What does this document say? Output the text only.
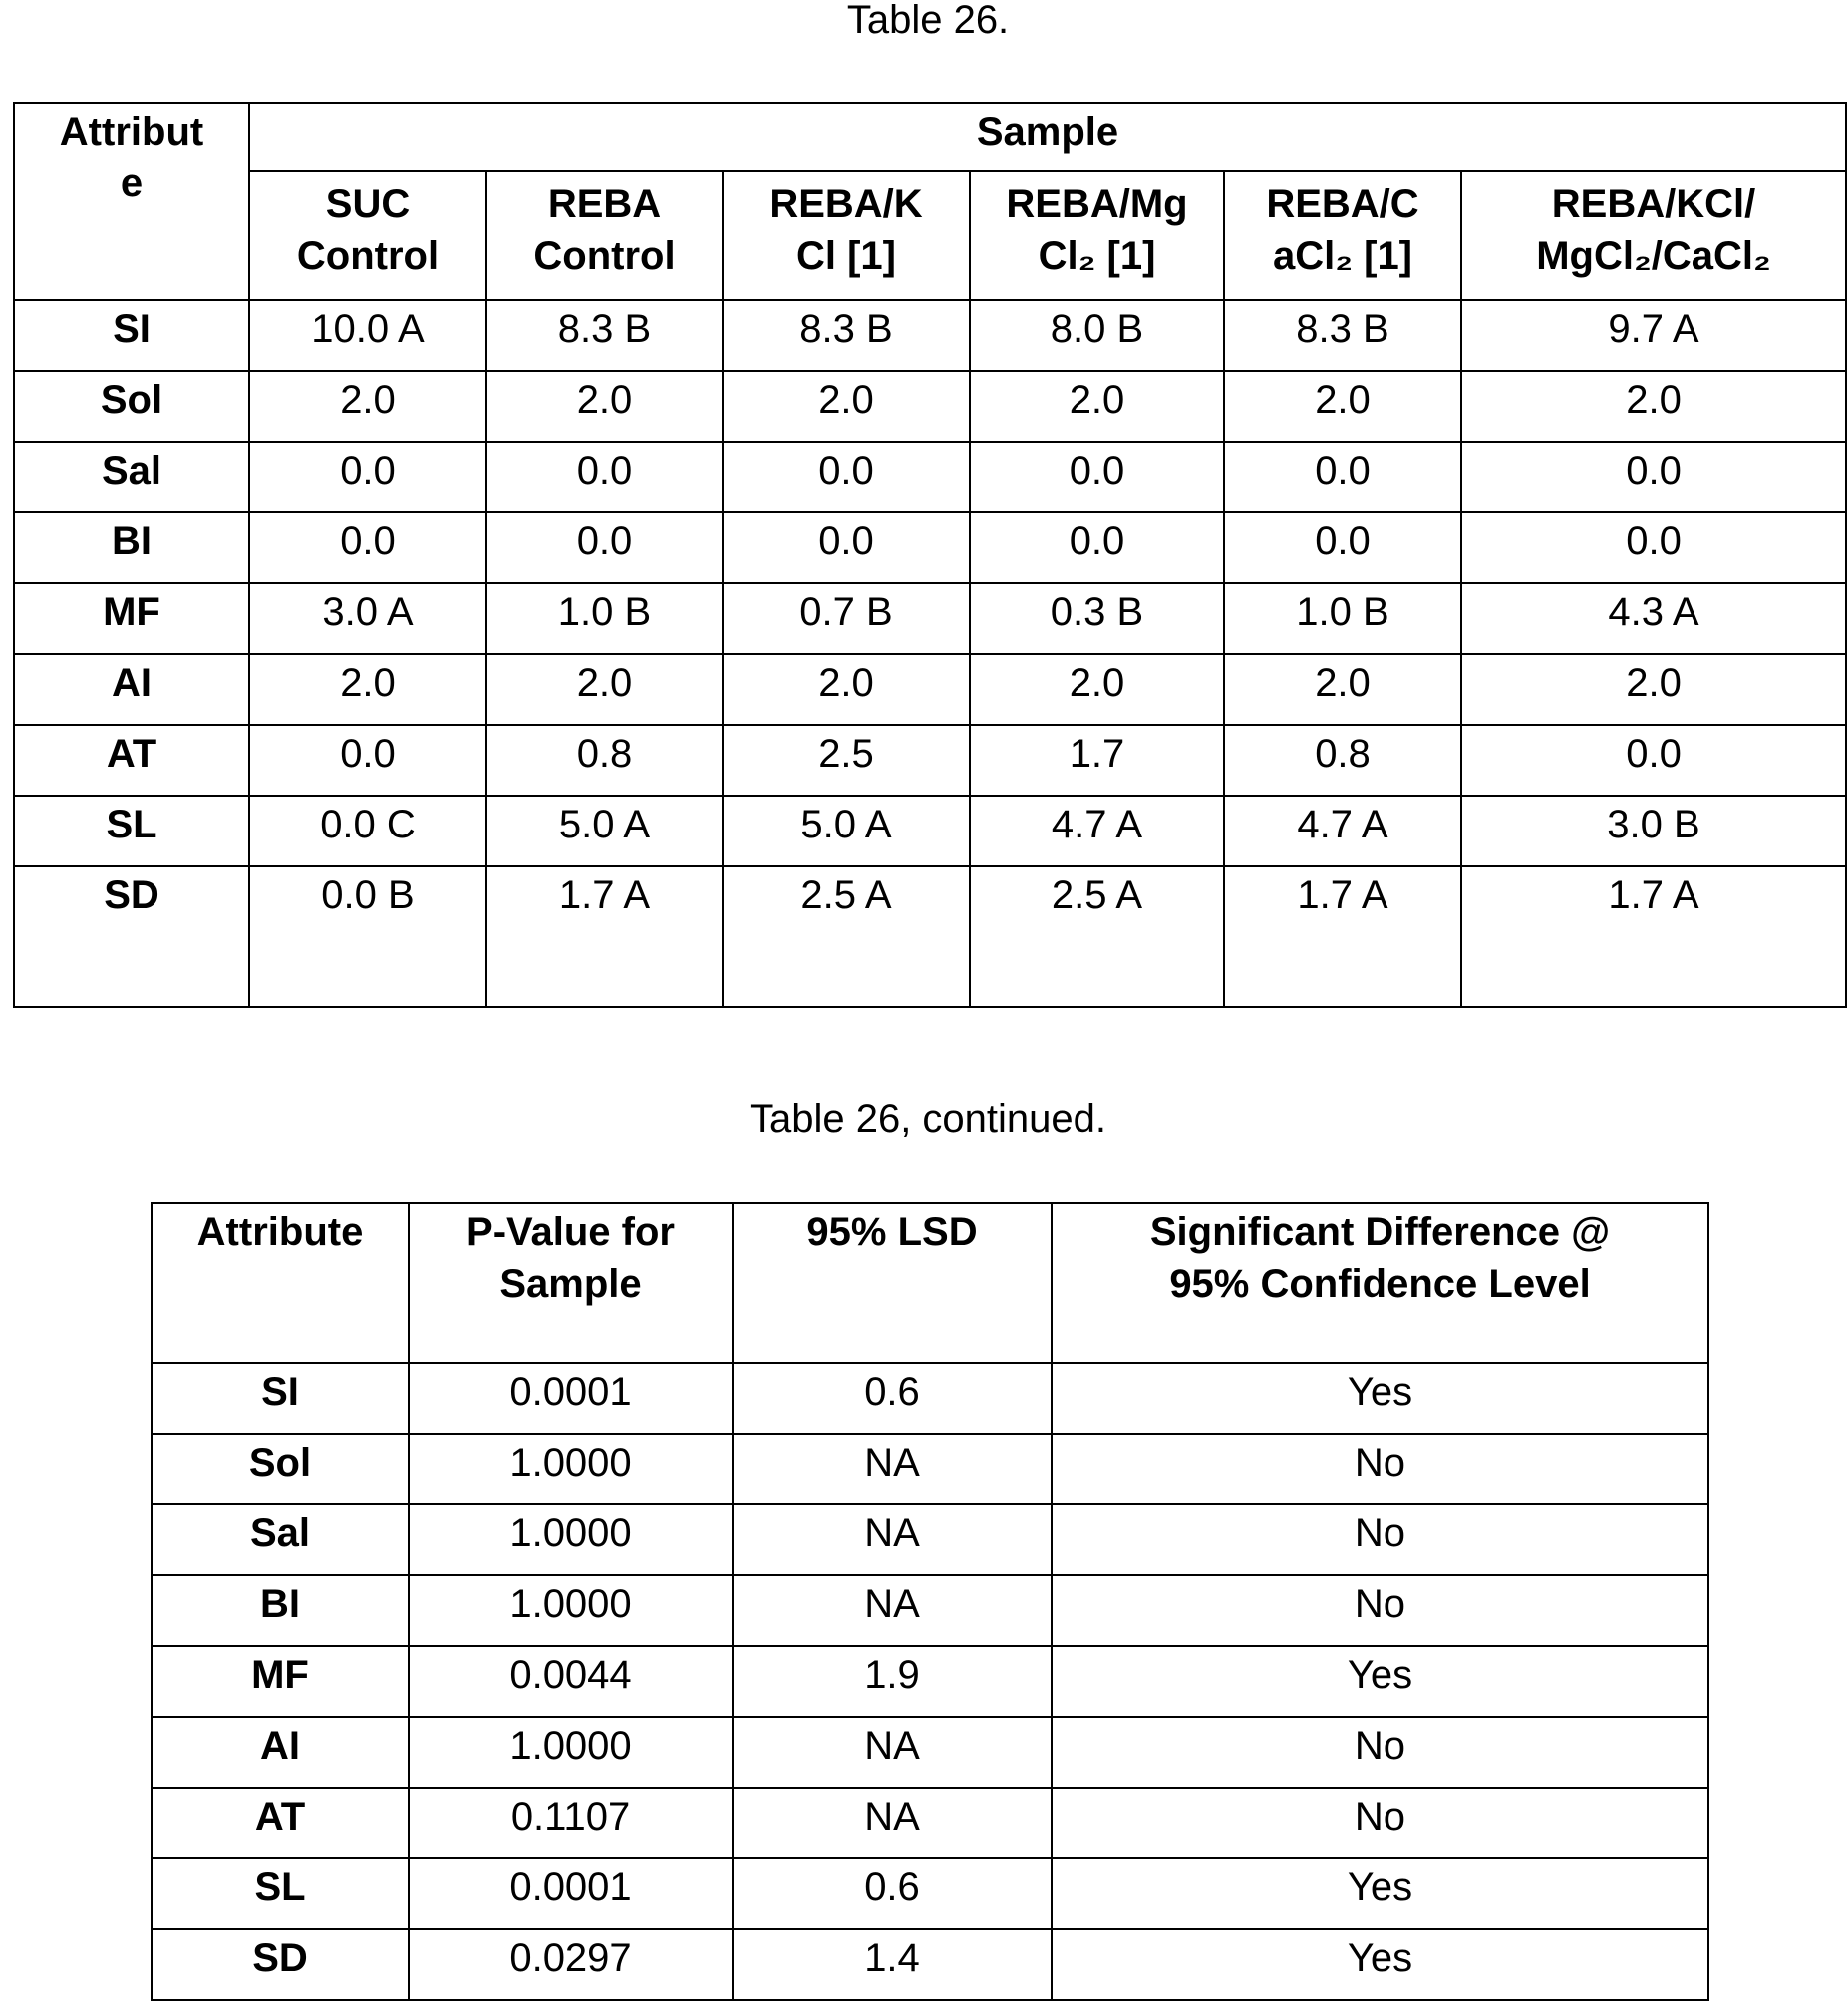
Table 26.
Attribut
e
	Sample

SUC
Control

REBA
Control

REBA/K
Cl [1]

REBA/Mg
Cl₂ [1]

REBA/C
aCl₂ [1]

REBA/KCl/
MgCl₂/CaCl₂

SI	10.0 A	8.3 B	8.3 B	8.0 B	8.3 B	9.7 A
Sol	2.0	2.0	2.0	2.0	2.0	2.0
Sal	0.0	0.0	0.0	0.0	0.0	0.0
BI	0.0	0.0	0.0	0.0	0.0	0.0
MF	3.0 A	1.0 B	0.7 B	0.3 B	1.0 B	4.3 A
AI	2.0	2.0	2.0	2.0	2.0	2.0
AT	0.0	0.8	2.5	1.7	0.8	0.0
SL	0.0 C	5.0 A	5.0 A	4.7 A	4.7 A	3.0 B
SD	0.0 B	1.7 A	2.5 A	2.5 A	1.7 A	1.7 A
Table 26, continued.
Attribute	P-Value for
Sample

95% LSD	Significant Difference @
95% Confidence Level

SI	0.0001	0.6	Yes
Sol	1.0000	NA	No
Sal	1.0000	NA	No
BI	1.0000	NA	No
MF	0.0044	1.9	Yes
AI	1.0000	NA	No
AT	0.1107	NA	No
SL	0.0001	0.6	Yes
SD	0.0297	1.4	Yes
